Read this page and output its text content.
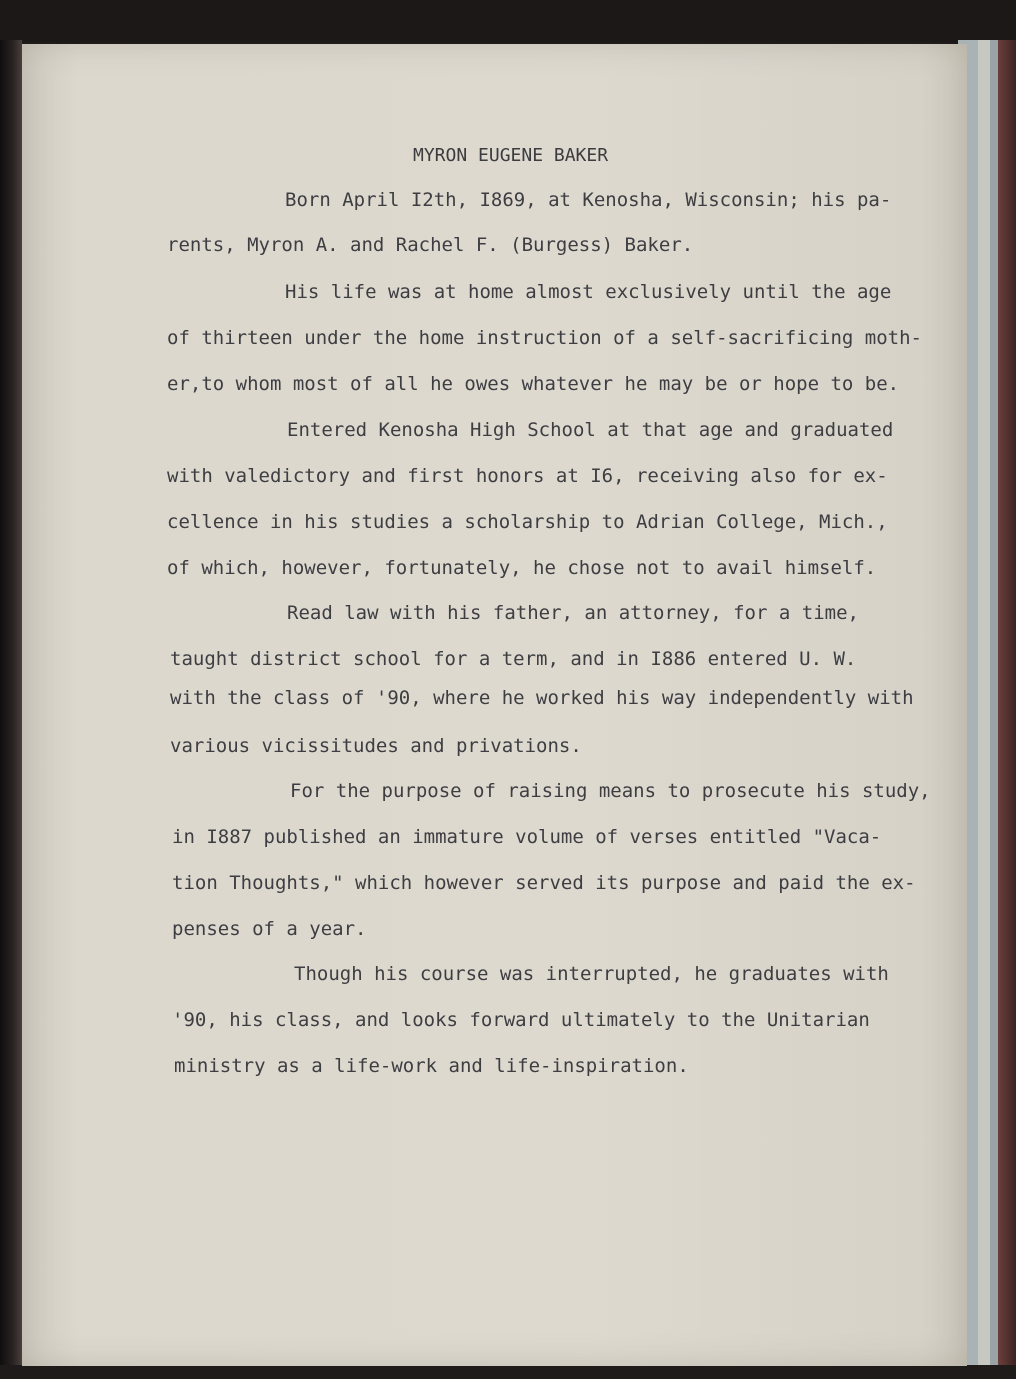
MYRON EUGENE BAKER
Born April I2th, I869, at Kenosha, Wisconsin; his pa-
rents, Myron A. and Rachel F. (Burgess) Baker.
His life was at home almost exclusively until the age
of thirteen under the home instruction of a self-sacrificing moth-
er,to whom most of all he owes whatever he may be or hope to be.
Entered Kenosha High School at that age and graduated
with valedictory and first honors at I6, receiving also for ex-
cellence in his studies a scholarship to Adrian College, Mich.,
of which, however, fortunately, he chose not to avail himself.
Read law with his father, an attorney, for a time,
taught district school for a term, and in I886 entered U. W.
with the class of '90, where he worked his way independently with
various vicissitudes and privations.
For the purpose of raising means to prosecute his study,
in I887 published an immature volume of verses entitled "Vaca-
tion Thoughts," which however served its purpose and paid the ex-
penses of a year.
Though his course was interrupted, he graduates with
'90, his class, and looks forward ultimately to the Unitarian
ministry as a life-work and life-inspiration.
